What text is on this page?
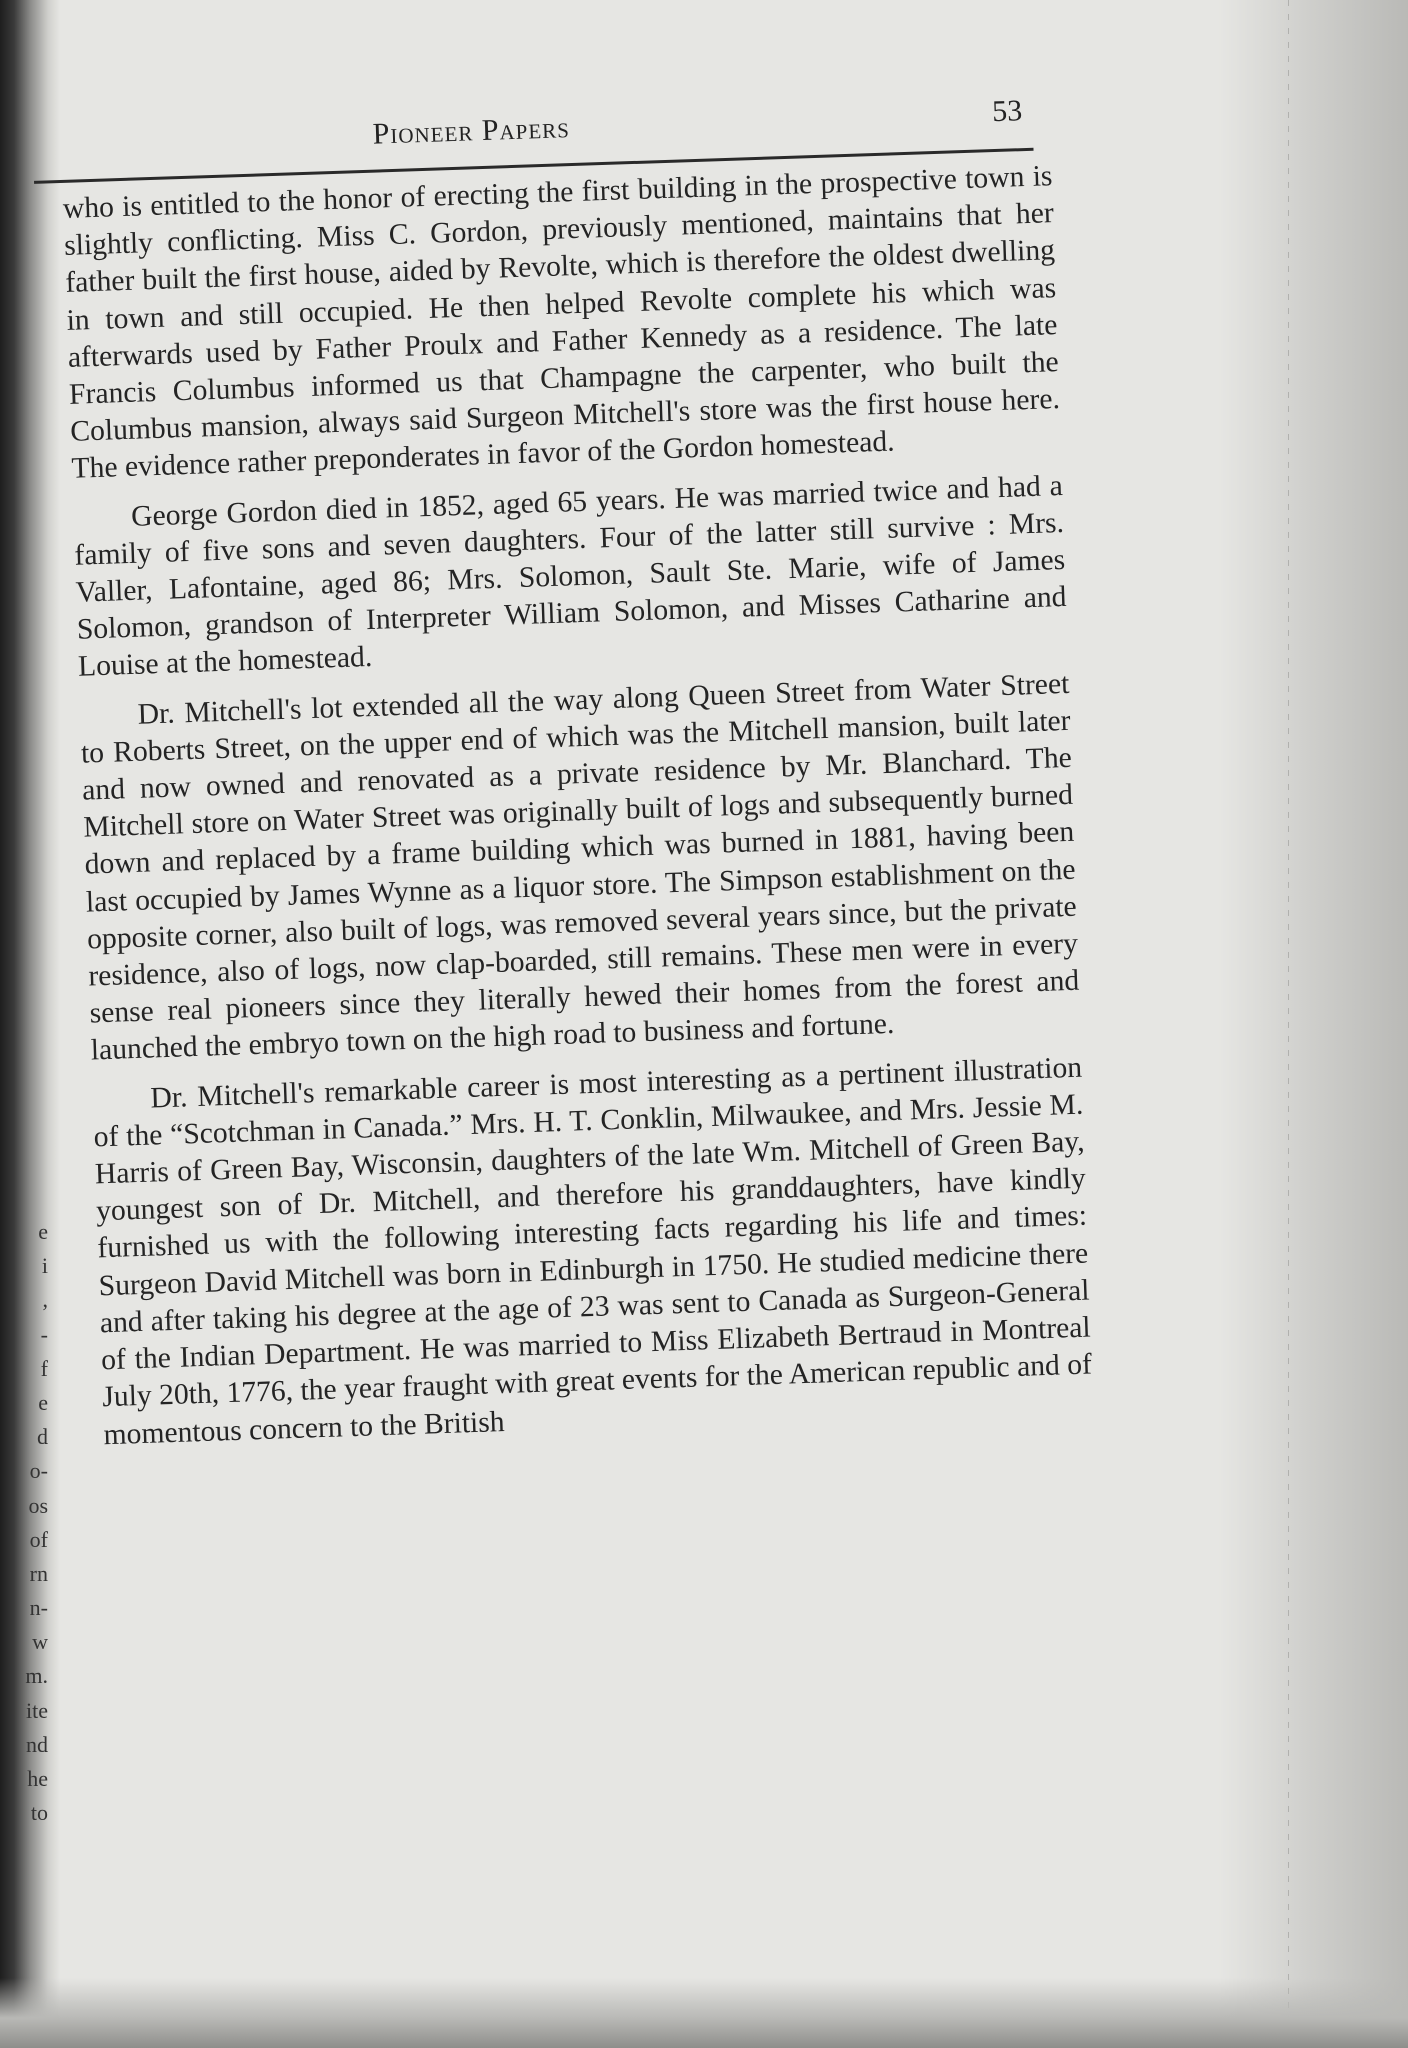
e
i
,
-
f
e
d
o-
os
of
rn
n-
w
m.
ite
nd
he
to
Pioneer Papers
53

who is entitled to the honor of erecting the first building in the prospective town is slightly conflicting. Miss C. Gordon, previously mentioned, maintains that her father built the first house, aided by Revolte, which is therefore the oldest dwelling in town and still occupied. He then helped Revolte complete his which was afterwards used by Father Proulx and Father Kennedy as a residence. The late Francis Columbus informed us that Champagne the carpenter, who built the Columbus mansion, always said Surgeon Mitchell's store was the first house here. The evidence rather preponderates in favor of the Gordon homestead.

George Gordon died in 1852, aged 65 years. He was married twice and had a family of five sons and seven daughters. Four of the latter still survive : Mrs. Valler, Lafontaine, aged 86; Mrs. Solomon, Sault Ste. Marie, wife of James Solomon, grandson of Interpreter William Solomon, and Misses Catharine and Louise at the homestead.

Dr. Mitchell's lot extended all the way along Queen Street from Water Street to Roberts Street, on the upper end of which was the Mitchell mansion, built later and now owned and renovated as a private residence by Mr. Blanchard. The Mitchell store on Water Street was originally built of logs and subsequently burned down and replaced by a frame building which was burned in 1881, having been last occupied by James Wynne as a liquor store. The Simpson establishment on the opposite corner, also built of logs, was removed several years since, but the private residence, also of logs, now clap-boarded, still remains. These men were in every sense real pioneers since they literally hewed their homes from the forest and launched the embryo town on the high road to business and fortune.

Dr. Mitchell's remarkable career is most interesting as a pertinent illustration of the “Scotchman in Canada.” Mrs. H. T. Conklin, Milwaukee, and Mrs. Jessie M. Harris of Green Bay, Wisconsin, daughters of the late Wm. Mitchell of Green Bay, youngest son of Dr. Mitchell, and therefore his granddaughters, have kindly furnished us with the following interesting facts regarding his life and times: Surgeon David Mitchell was born in Edinburgh in 1750. He studied medicine there and after taking his degree at the age of 23 was sent to Canada as Surgeon-General of the Indian Department. He was married to Miss Elizabeth Bertraud in Montreal July 20th, 1776, the year fraught with great events for the American republic and of momentous concern to the British
